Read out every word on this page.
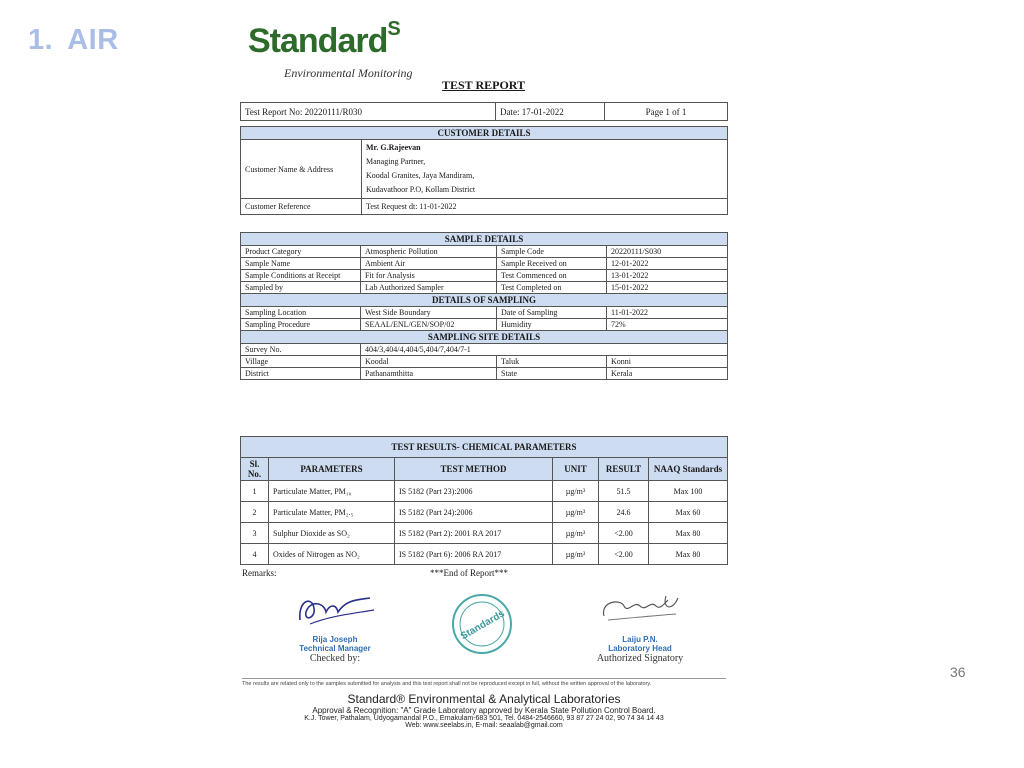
1. AIR	Standard$^S$
Environmental Monitoring
TEST REPORT
Test Report No: 20220111/R030	Date: 17-01-2022	Page 1 of 1
CUSTOMER DETAILS	
Customer Name & Address	Mr. G.Rajeevan
Managing Partner,
Koodal Granites, Jaya Mandiram,
Kudavathoor P.O, Kollam District

Customer Reference	Test Request dt: 11-01-2022
SAMPLE DETAILS			
Product Category	Atmospheric Pollution	Sample Code	20220111/S030
Sample Name	Ambient Air	Sample Received on	12-01-2022
Sample Conditions at Receipt	Fit for Analysis	Test Commenced on	13-01-2022
Sampled by	Lab Authorized Sampler	Test Completed on	15-01-2022
DETAILS OF SAMPLING			
Sampling Location	West Side Boundary	Date of Sampling	11-01-2022
Sampling Procedure	SEAAL/ENL/GEN/SOP/02	Humidity	72%
SAMPLING SITE DETAILS			
Survey No.	404/3,404/4,404/5,404/7,404/7-1		
Village	Koodal	Taluk	Konni
District	Pathanamthitta	State	Kerala
TEST RESULTS- CHEMICAL PARAMETERS					
Sl. No.	PARAMETERS	TEST METHOD	UNIT	RESULT	NAAQ Standards
1	Particulate Matter, PM₁₀	IS 5182 (Part 23):2006	µg/m³	51.5	Max 100
2	Particulate Matter, PM₂.₅	IS 5182 (Part 24):2006	µg/m³	24.6	Max 60
3	Sulphur Dioxide as SO₂	IS 5182 (Part 2): 2001 RA 2017	µg/m³	<2.00	Max 80
4	Oxides of Nitrogen as NO₂	IS 5182 (Part 6): 2006 RA 2017	µg/m³	<2.00	Max 80
Remarks:	***End of Report***
Rija Joseph
Technical Manager
Checked by:
Standards	Laiju P.N.
Laboratory Head
Authorized Signatory
The results are related only to the samples submitted for analysis and this test report shall not be reproduced except in full, without the written approval of the laboratory.
Standard® Environmental & Analytical Laboratories
Approval & Recognition: "A" Grade Laboratory approved by Kerala State Pollution Control Board.
K.J. Tower, Pathalam, Udyogamandal P.O., Ernakulam-683 501, Tel. 0484-2546660, 93 87 27 24 02, 90 74 34 14 43
Web: www.seelabs.in, E-mail: seaalab@gmail.com
36
